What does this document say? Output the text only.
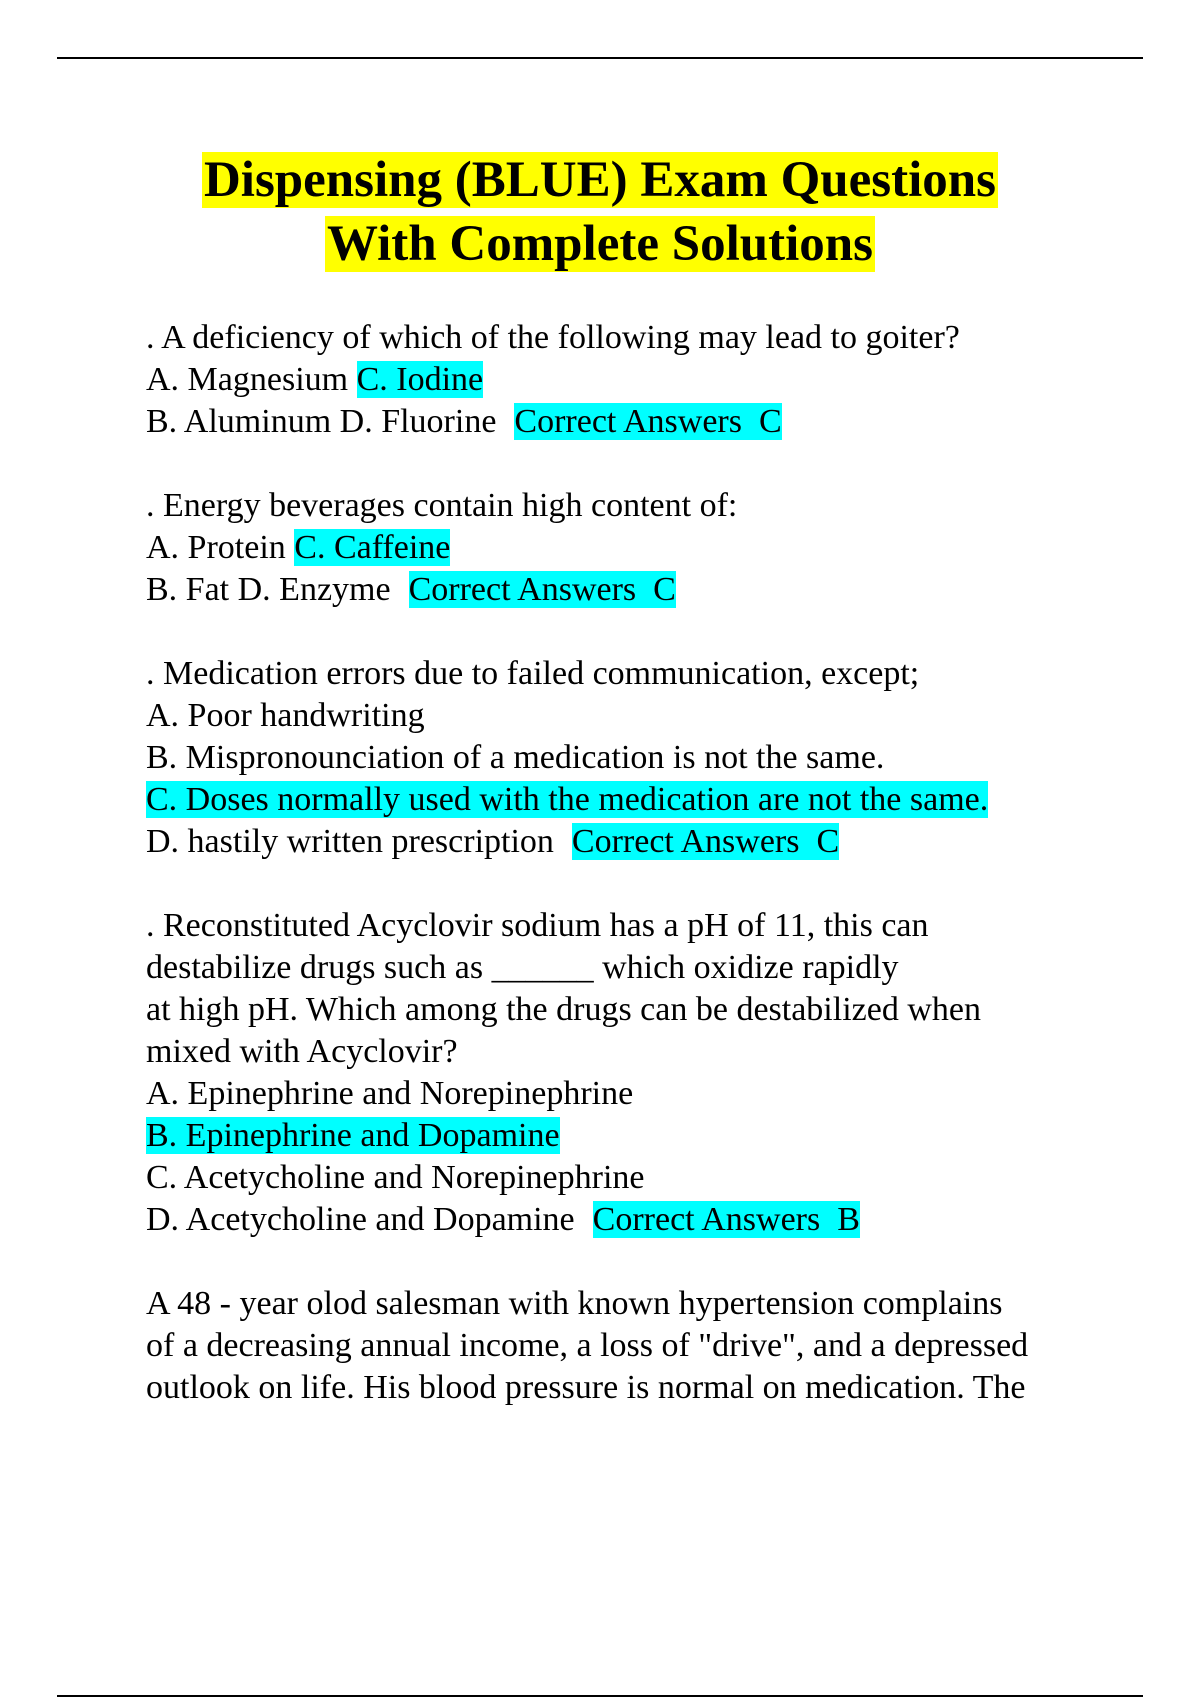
Dispensing (BLUE) Exam Questions
With Complete Solutions
. A deficiency of which of the following may lead to goiter?
A. Magnesium C. Iodine
B. Aluminum D. Fluorine Correct Answers  C
. Energy beverages contain high content of:
A. Protein C. Caffeine
B. Fat D. Enzyme Correct Answers  C
. Medication errors due to failed communication, except;
A. Poor handwriting
B. Mispronounciation of a medication is not the same.
C. Doses normally used with the medication are not the same.
D. hastily written prescription Correct Answers  C
. Reconstituted Acyclovir sodium has a pH of 11, this can
destabilize drugs such as ______ which oxidize rapidly
at high pH. Which among the drugs can be destabilized when
mixed with Acyclovir?
A. Epinephrine and Norepinephrine
B. Epinephrine and Dopamine
C. Acetycholine and Norepinephrine
D. Acetycholine and Dopamine Correct Answers  B
A 48 - year olod salesman with known hypertension complains
of a decreasing annual income, a loss of "drive", and a depressed
outlook on life. His blood pressure is normal on medication. The
